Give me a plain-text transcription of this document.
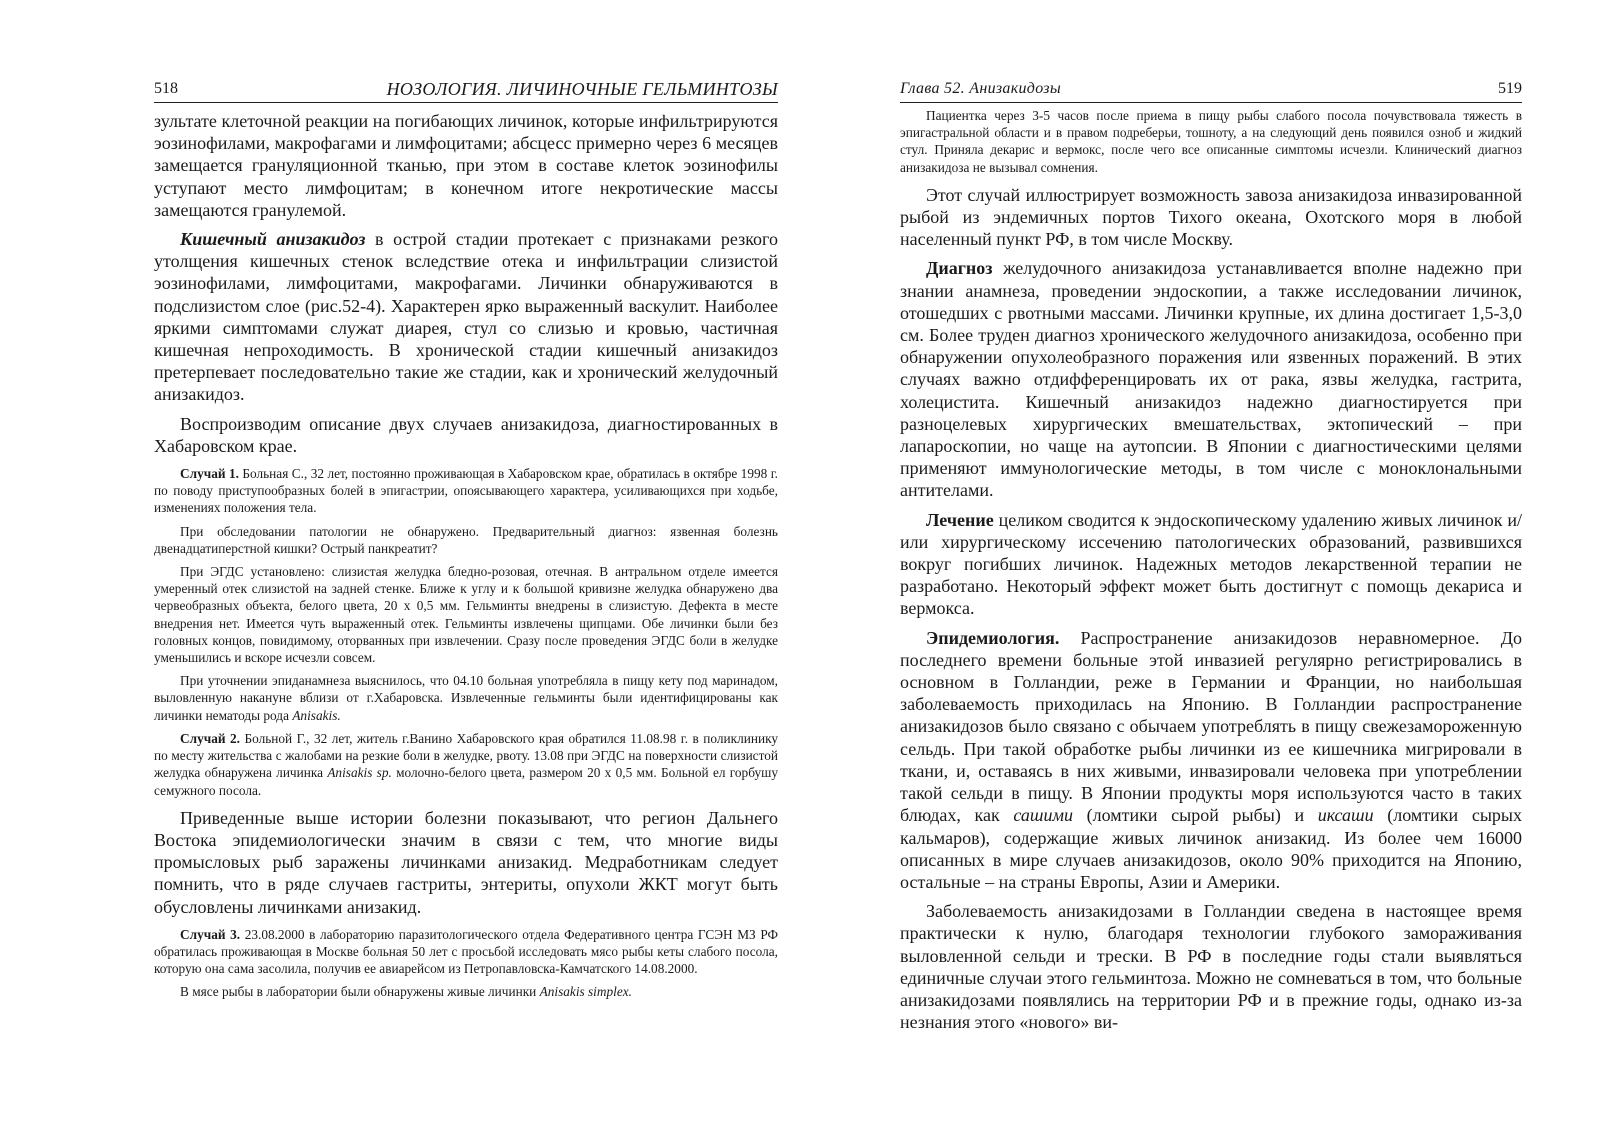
518	НОЗОЛОГИЯ. ЛИЧИНОЧНЫЕ ГЕЛЬМИНТОЗЫ

зультате клеточной реакции на погибающих личинок, которые инфильтрируются эозинофилами, макрофагами и лимфоцитами; абсцесс примерно через 6 месяцев замещается грануляционной тканью, при этом в составе клеток эозинофилы уступают место лимфоцитам; в конечном итоге некротические массы замещаются гранулемой.

Кишечный анизакидоз в острой стадии протекает с признаками резкого утолщения кишечных стенок вследствие отека и инфильтрации слизистой эозинофилами, лимфоцитами, макрофагами. Личинки обнаруживаются в подслизистом слое (рис.52-4). Характерен ярко выраженный васкулит. Наиболее яркими симптомами служат диарея, стул со слизью и кровью, частичная кишечная непроходимость. В хронической стадии кишечный анизакидоз претерпевает последовательно такие же стадии, как и хронический желудочный анизакидоз.

Воспроизводим описание двух случаев анизакидоза, диагностированных в Хабаровском крае.

Случай 1. Больная С., 32 лет, постоянно проживающая в Хабаровском крае, обратилась в октябре 1998 г. по поводу приступообразных болей в эпигастрии, опоясывающего характера, усиливающихся при ходьбе, изменениях положения тела.

При обследовании патологии не обнаружено. Предварительный диагноз: язвенная болезнь двенадцатиперстной кишки? Острый панкреатит?

При ЭГДС установлено: слизистая желудка бледно-розовая, отечная. В антральном отделе имеется умеренный отек слизистой на задней стенке. Ближе к углу и к большой кривизне желудка обнаружено два червеобразных объекта, белого цвета, 20 х 0,5 мм. Гельминты внедрены в слизистую. Дефекта в месте внедрения нет. Имеется чуть выраженный отек. Гельминты извлечены щипцами. Обе личинки были без головных концов, повидимому, оторванных при извлечении. Сразу после проведения ЭГДС боли в желудке уменьшились и вскоре исчезли совсем.

При уточнении эпиданамнеза выяснилось, что 04.10 больная употребляла в пищу кету под маринадом, выловленную накануне вблизи от г.Хабаровска. Извлеченные гельминты были идентифицированы как личинки нематоды рода Anisakis.

Случай 2. Больной Г., 32 лет, житель г.Ванино Хабаровского края обратился 11.08.98 г. в поликлинику по месту жительства с жалобами на резкие боли в желудке, рвоту. 13.08 при ЭГДС на поверхности слизистой желудка обнаружена личинка Anisakis sp. молочно-белого цвета, размером 20 х 0,5 мм. Больной ел горбушу семужного посола.

Приведенные выше истории болезни показывают, что регион Дальнего Востока эпидемиологически значим в связи с тем, что многие виды промысловых рыб заражены личинками анизакид. Медработникам следует помнить, что в ряде случаев гастриты, энтериты, опухоли ЖКТ могут быть обусловлены личинками анизакид.

Случай 3. 23.08.2000 в лабораторию паразитологического отдела Федеративного центра ГСЭН МЗ РФ обратилась проживающая в Москве больная 50 лет с просьбой исследовать мясо рыбы кеты слабого посола, которую она сама засолила, получив ее авиарейсом из Петропавловска-Камчатского 14.08.2000.

В мясе рыбы в лаборатории были обнаружены живые личинки Anisakis simplex.

Глава 52. Анизакидозы	519

Пациентка через 3-5 часов после приема в пищу рыбы слабого посола почувствовала тяжесть в эпигастральной области и в правом подреберьи, тошноту, а на следующий день появился озноб и жидкий стул. Приняла декарис и вермокс, после чего все описанные симптомы исчезли. Клинический диагноз анизакидоза не вызывал сомнения.

Этот случай иллюстрирует возможность завоза анизакидоза инвазированной рыбой из эндемичных портов Тихого океана, Охотского моря в любой населенный пункт РФ, в том числе Москву.

Диагноз желудочного анизакидоза устанавливается вполне надежно при знании анамнеза, проведении эндоскопии, а также исследовании личинок, отошедших с рвотными массами. Личинки крупные, их длина достигает 1,5-3,0 см. Более труден диагноз хронического желудочного анизакидоза, особенно при обнаружении опухолеобразного поражения или язвенных поражений. В этих случаях важно отдифференцировать их от рака, язвы желудка, гастрита, холецистита. Кишечный анизакидоз надежно диагностируется при разноцелевых хирургических вмешательствах, эктопический – при лапароскопии, но чаще на аутопсии. В Японии с диагностическими целями применяют иммунологические методы, в том числе с моноклональными антителами.

Лечение целиком сводится к эндоскопическому удалению живых личинок и/или хирургическому иссечению патологических образований, развившихся вокруг погибших личинок. Надежных методов лекарственной терапии не разработано. Некоторый эффект может быть достигнут с помощь декариса и вермокса.

Эпидемиология. Распространение анизакидозов неравномерное. До последнего времени больные этой инвазией регулярно регистрировались в основном в Голландии, реже в Германии и Франции, но наибольшая заболеваемость приходилась на Японию. В Голландии распространение анизакидозов было связано с обычаем употреблять в пищу свежезамороженную сельдь. При такой обработке рыбы личинки из ее кишечника мигрировали в ткани, и, оставаясь в них живыми, инвазировали человека при употреблении такой сельди в пищу. В Японии продукты моря используются часто в таких блюдах, как сашими (ломтики сырой рыбы) и иксаши (ломтики сырых кальмаров), содержащие живых личинок анизакид. Из более чем 16000 описанных в мире случаев анизакидозов, около 90% приходится на Японию, остальные – на страны Европы, Азии и Америки.

Заболеваемость анизакидозами в Голландии сведена в настоящее время практически к нулю, благодаря технологии глубокого замораживания выловленной сельди и трески. В РФ в последние годы стали выявляться единичные случаи этого гельминтоза. Можно не сомневаться в том, что больные анизакидозами появлялись на территории РФ и в прежние годы, однако из-за незнания этого «нового» ви-
